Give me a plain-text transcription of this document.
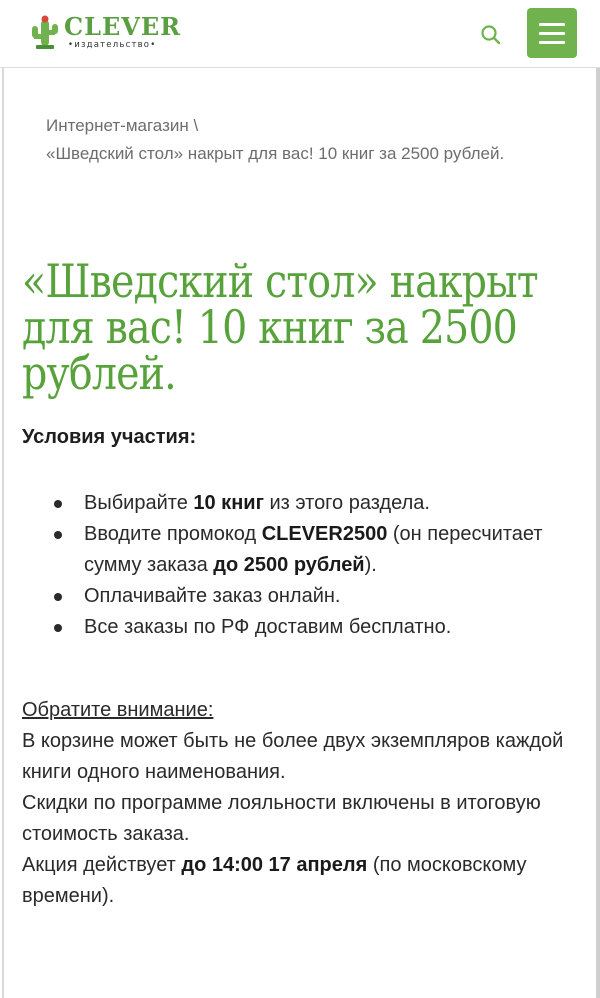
CLEVER
•издательство•
Интернет-магазин \
«Шведский стол» накрыт для вас! 10 книг за 2500 рублей.
«Шведский стол» накрыт для вас! 10 книг за 2500 рублей.
Условия участия:
Выбирайте 10 книг из этого раздела.
Вводите промокод CLEVER2500 (он пересчитает сумму заказа до 2500 рублей).
Оплачивайте заказ онлайн.
Все заказы по РФ доставим бесплатно.
Обратите внимание:

В корзине может быть не более двух экземпляров каждой книги одного наименования.

Скидки по программе лояльности включены в итоговую стоимость заказа.

Акция действует до 14:00 17 апреля (по московскому времени).
